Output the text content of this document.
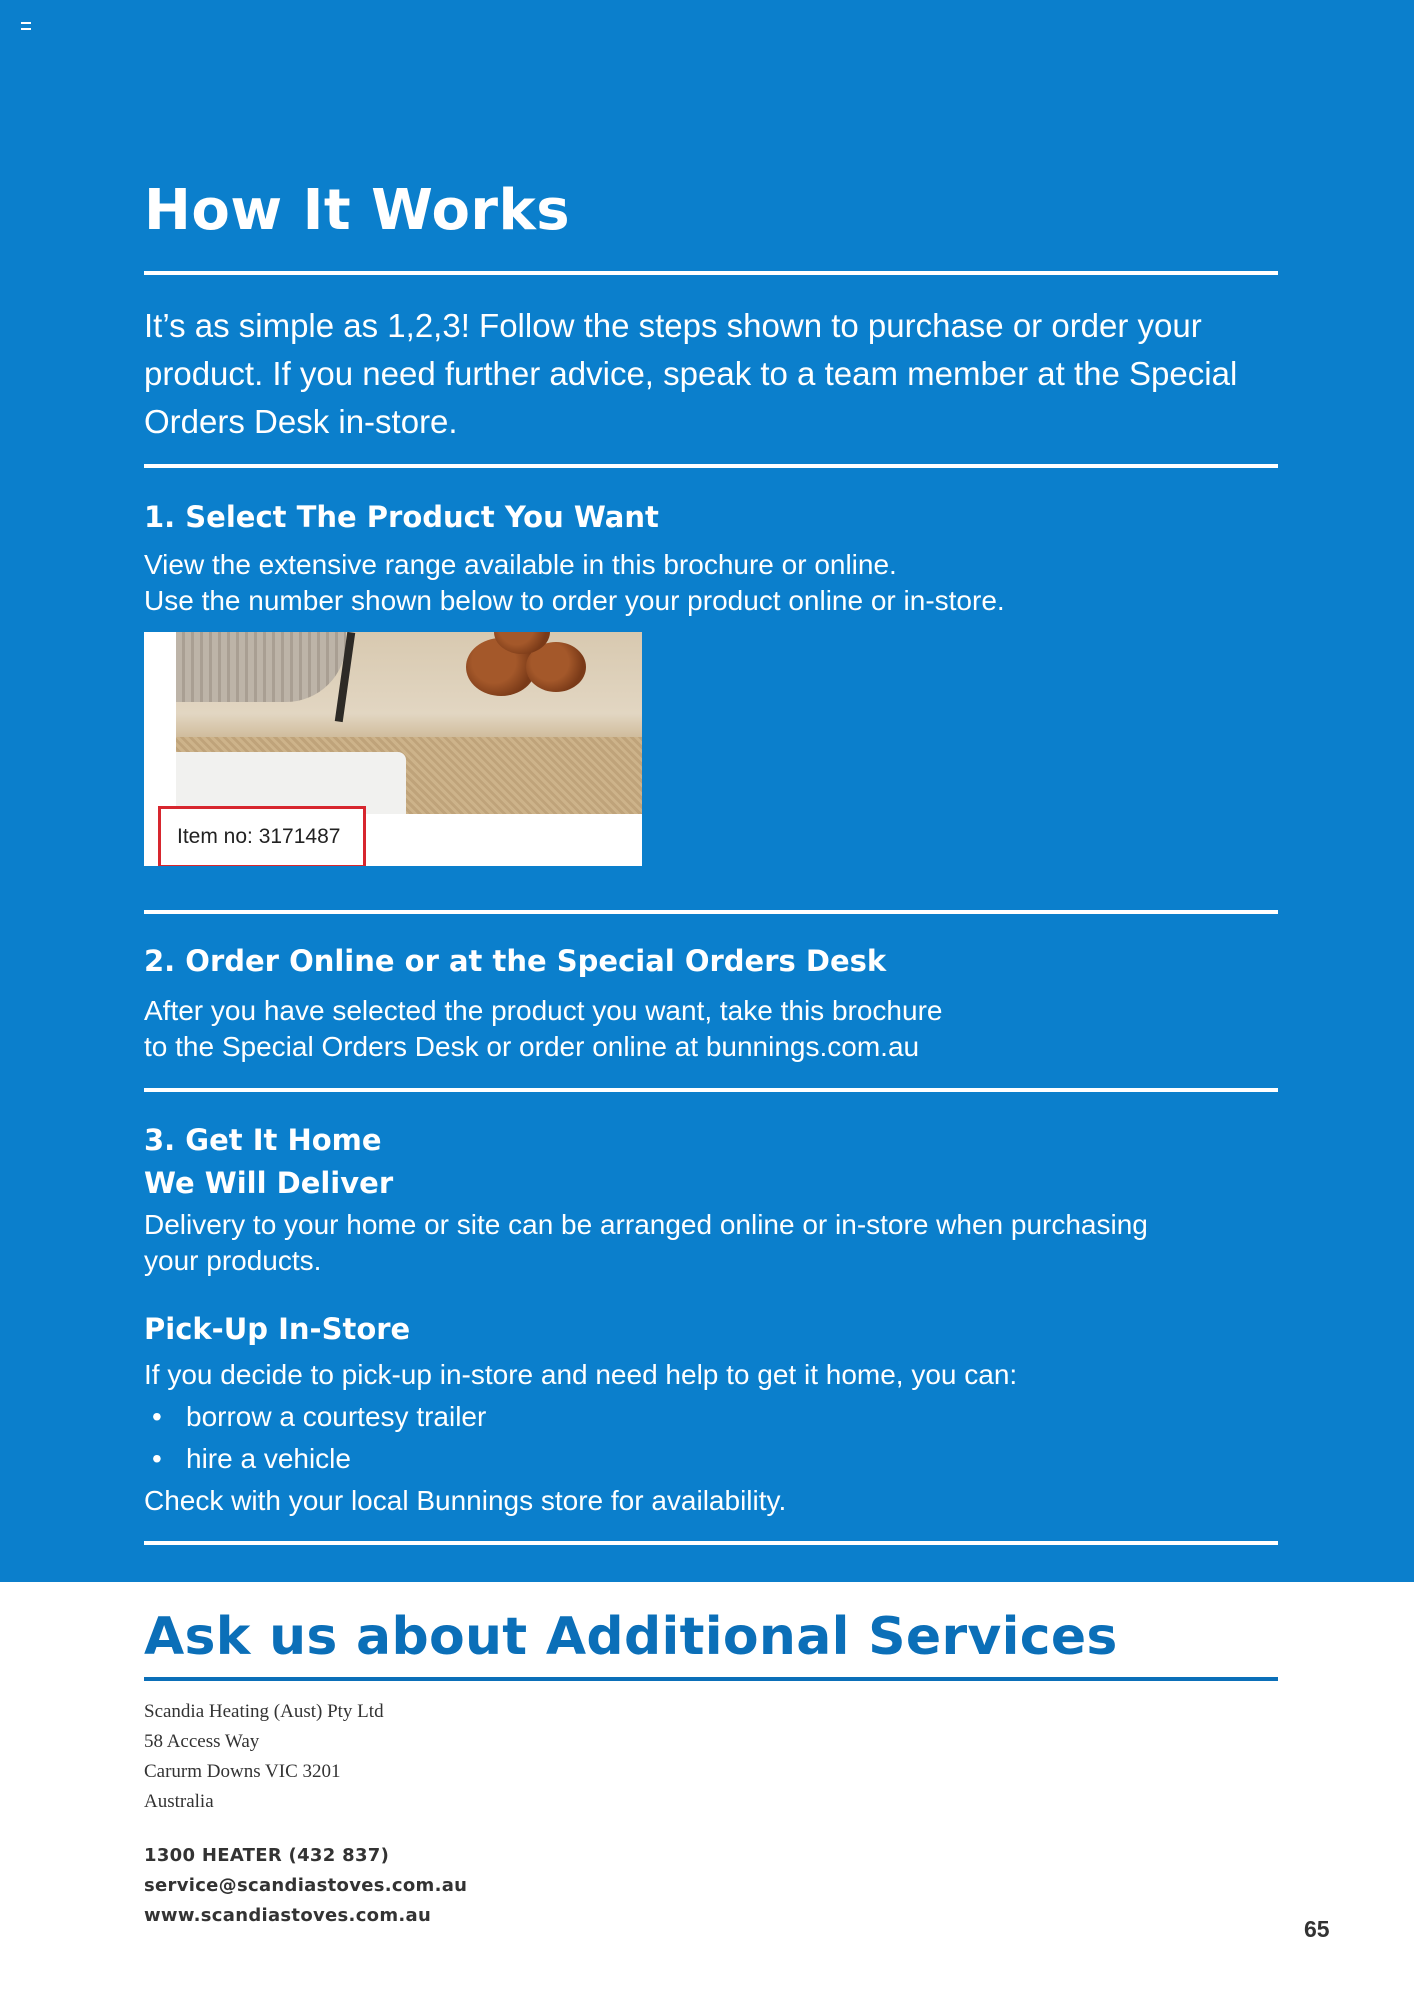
How It Works
It’s as simple as 1,2,3! Follow the steps shown to purchase or order your
product. If you need further advice, speak to a team member at the Special
Orders Desk in-store.
1. Select The Product You Want

View the extensive range available in this brochure or online.

Use the number shown below to order your product online or in-store.

Item no: 3171487
2. Order Online or at the Special Orders Desk

After you have selected the product you want, take this brochure

to the Special Orders Desk or order online at bunnings.com.au

3. Get It Home
We Will Deliver

Delivery to your home or site can be arranged online or in-store when purchasing

your products.

Pick-Up In-Store

If you decide to pick-up in-store and need help to get it home, you can:

• borrow a courtesy trailer
• hire a vehicle

Check with your local Bunnings store for availability.

Ask us about Additional Services
Scandia Heating (Aust) Pty Ltd
58 Access Way
Carurm Downs VIC 3201
Australia
1300 HEATER (432 837)
service@scandiastoves.com.au
www.scandiastoves.com.au
65
